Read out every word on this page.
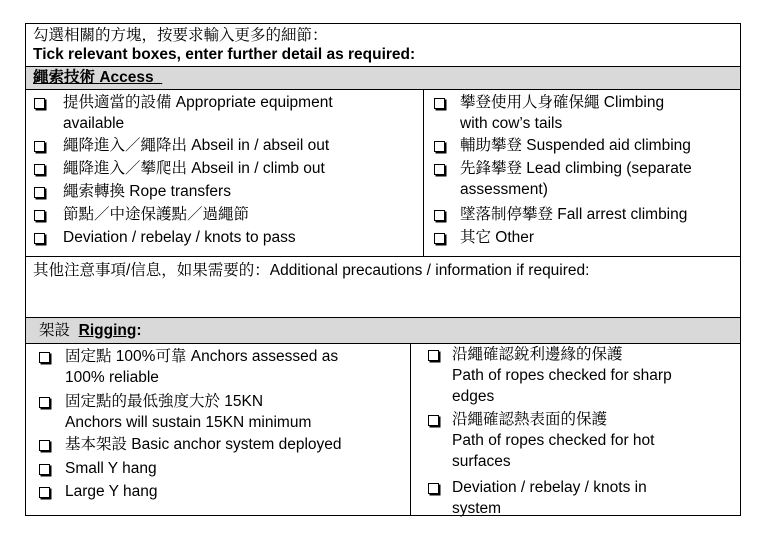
勾選相關的方塊，按要求輸入更多的細節：
Tick relevant boxes, enter further detail as required:
繩索技術 Access
提供適當的設備 Appropriate equipment
available
繩降進入／繩降出 Abseil in / abseil out
繩降進入／攀爬出 Abseil in / climb out
繩索轉換 Rope transfers
節點／中途保護點／過繩節
Deviation / rebelay / knots to pass
攀登使用人身確保繩 Climbing
with cow’s tails
輔助攀登 Suspended aid climbing
先鋒攀登 Lead climbing (separate
assessment)
墜落制停攀登 Fall arrest climbing
其它 Other
其他注意事項/信息，如果需要的：Additional precautions / information if required:
架設 Rigging:
固定點 100%可靠 Anchors assessed as
100% reliable
固定點的最低強度大於 15KN
Anchors will sustain 15KN minimum
基本架設 Basic anchor system deployed
Small Y hang
Large Y hang
沿繩確認銳利邊緣的保護
Path of ropes checked for sharp
edges
沿繩確認熱表面的保護
Path of ropes checked for hot
surfaces
Deviation / rebelay / knots in
system
